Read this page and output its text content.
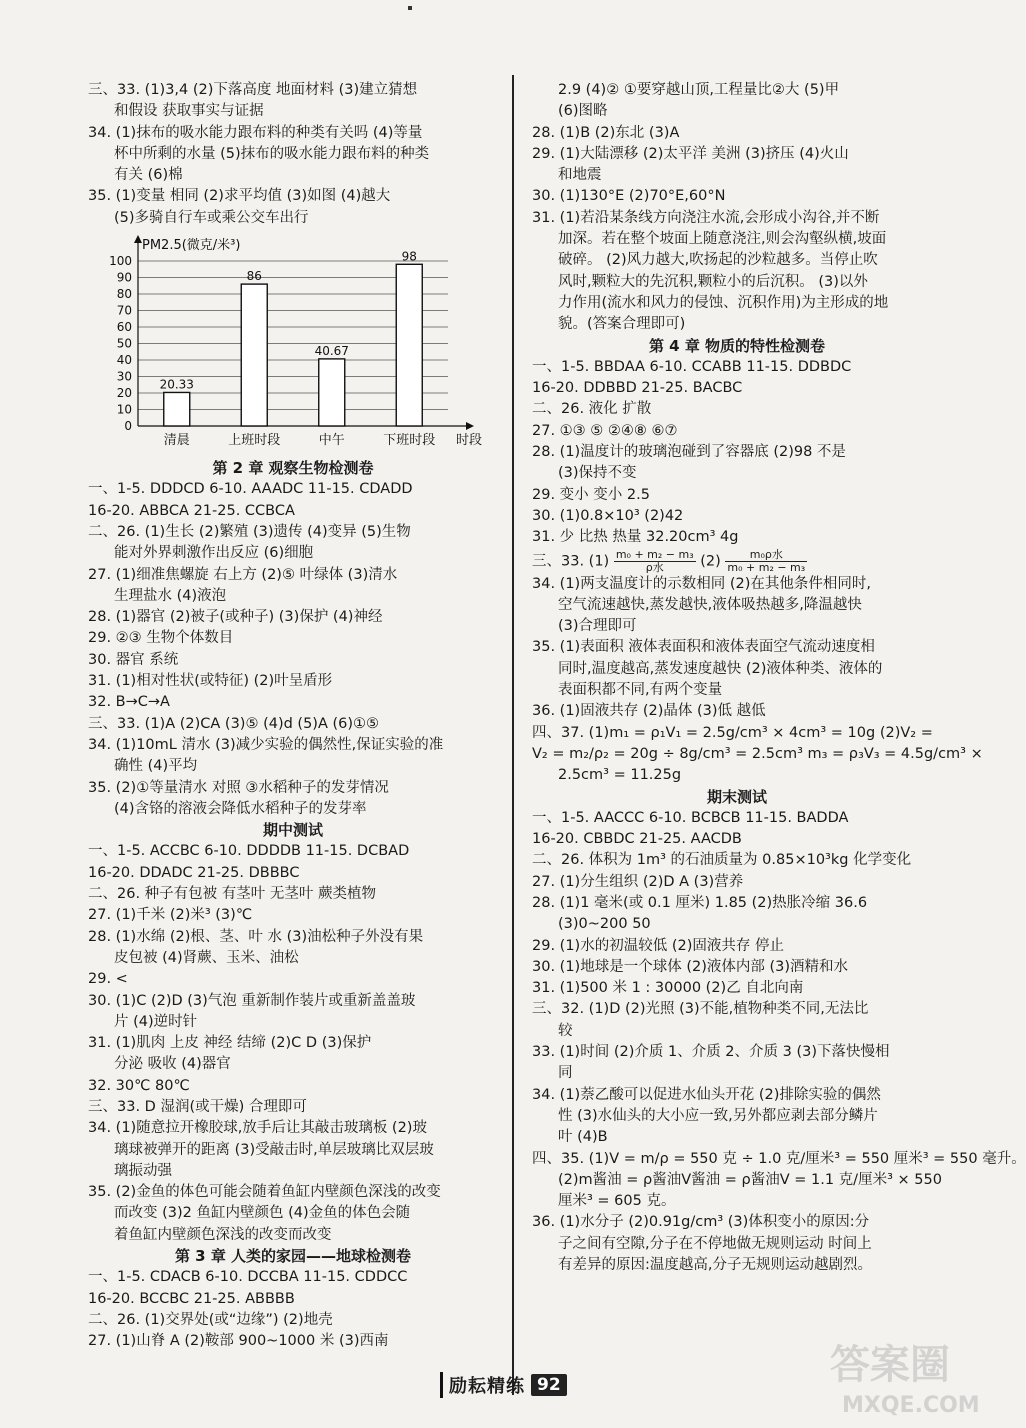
三、33. (1)3,4 (2)下落高度 地面材料 (3)建立猜想
和假设 获取事实与证据
34. (1)抹布的吸水能力跟布料的种类有关吗 (4)等量
杯中所剩的水量 (5)抹布的吸水能力跟布料的种类
有关 (6)棉
35. (1)变量 相同 (2)求平均值 (3)如图 (4)越大
(5)多骑自行车或乘公交车出行
0
10
20
30
40
50
60
70
80
90
100
PM2.5(微克/米³)
时段
20.33
清晨
86
上班时段
40.67
中午
98
下班时段
第 2 章 观察生物检测卷
一、1-5. DDDCD 6-10. AAADC 11-15. CDADD
16-20. ABBCA 21-25. CCBCA
二、26. (1)生长 (2)繁殖 (3)遗传 (4)变异 (5)生物
能对外界刺激作出反应 (6)细胞
27. (1)细准焦螺旋 右上方 (2)⑤ 叶绿体 (3)清水
生理盐水 (4)液泡
28. (1)器官 (2)被子(或种子) (3)保护 (4)神经
29. ②③ 生物个体数目
30. 器官 系统
31. (1)相对性状(或特征) (2)叶呈盾形
32. B→C→A
三、33. (1)A (2)CA (3)⑤ (4)d (5)A (6)①⑤
34. (1)10mL 清水 (3)减少实验的偶然性,保证实验的准
确性 (4)平均
35. (2)①等量清水 对照 ③水稻种子的发芽情况
(4)含铬的溶液会降低水稻种子的发芽率
期中测试
一、1-5. ACCBC 6-10. DDDDB 11-15. DCBAD
16-20. DDADC 21-25. DBBBC
二、26. 种子有包被 有茎叶 无茎叶 蕨类植物
27. (1)千米 (2)米³ (3)℃
28. (1)水绵 (2)根、茎、叶 水 (3)油松种子外没有果
皮包被 (4)肾蕨、玉米、油松
29. <
30. (1)C (2)D (3)气泡 重新制作装片或重新盖盖玻
片 (4)逆时针
31. (1)肌肉 上皮 神经 结缔 (2)C D (3)保护
分泌 吸收 (4)器官
32. 30℃ 80℃
三、33. D 湿润(或干燥) 合理即可
34. (1)随意拉开橡胶球,放手后让其敲击玻璃板 (2)玻
璃球被弹开的距离 (3)受敲击时,单层玻璃比双层玻
璃振动强
35. (2)金鱼的体色可能会随着鱼缸内壁颜色深浅的改变
而改变 (3)2 鱼缸内壁颜色 (4)金鱼的体色会随
着鱼缸内壁颜色深浅的改变而改变
第 3 章 人类的家园——地球检测卷
一、1-5. CDACB 6-10. DCCBA 11-15. CDDCC
16-20. BCCBC 21-25. ABBBB
二、26. (1)交界处(或“边缘”) (2)地壳
27. (1)山脊 A (2)鞍部 900~1000 米 (3)西南
2.9 (4)② ①要穿越山顶,工程量比②大 (5)甲
(6)图略
28. (1)B (2)东北 (3)A
29. (1)大陆漂移 (2)太平洋 美洲 (3)挤压 (4)火山
和地震
30. (1)130°E (2)70°E,60°N
31. (1)若沿某条线方向浇注水流,会形成小沟谷,并不断
加深。若在整个坡面上随意浇注,则会沟壑纵横,坡面
破碎。 (2)风力越大,吹扬起的沙粒越多。当停止吹
风时,颗粒大的先沉积,颗粒小的后沉积。 (3)以外
力作用(流水和风力的侵蚀、沉积作用)为主形成的地
貌。(答案合理即可)
第 4 章 物质的特性检测卷
一、1-5. BBDAA 6-10. CCABB 11-15. DDBDC
16-20. DDBBD 21-25. BACBC
二、26. 液化 扩散
27. ①③ ⑤ ②④⑧ ⑥⑦
28. (1)温度计的玻璃泡碰到了容器底 (2)98 不是
(3)保持不变
29. 变小 变小 2.5
30. (1)0.8×10³ (2)42
31. 少 比热 热量 32.20cm³ 4g
三、33. $(1) \frac{\text{m₀ + m₂ − m₃}}{\text{ρ水}} (2) \frac{\text{m₀ρ水}}{\text{m₀ + m₂ − m₃}}$
34. (1)两支温度计的示数相同 (2)在其他条件相同时,
空气流速越快,蒸发越快,液体吸热越多,降温越快
(3)合理即可
35. (1)表面积 液体表面积和液体表面空气流动速度相
同时,温度越高,蒸发速度越快 (2)液体种类、液体的
表面积都不同,有两个变量
36. (1)固液共存 (2)晶体 (3)低 越低
四、37. (1)m₁ = ρ₁V₁ = 2.5g/cm³ × 4cm³ = 10g (2)V₂ =
V₂ = m₂/ρ₂ = 20g ÷ 8g/cm³ = 2.5cm³ m₃ = ρ₃V₃ = 4.5g/cm³ ×
2.5cm³ = 11.25g
期末测试
一、1-5. AACCC 6-10. BCBCB 11-15. BADDA
16-20. CBBDC 21-25. AACDB
二、26. 体积为 1m³ 的石油质量为 0.85×10³kg 化学变化
27. (1)分生组织 (2)D A (3)营养
28. (1)1 毫米(或 0.1 厘米) 1.85 (2)热胀冷缩 36.6
(3)0~200 50
29. (1)水的初温较低 (2)固液共存 停止
30. (1)地球是一个球体 (2)液体内部 (3)酒精和水
31. (1)500 米 1 : 30000 (2)乙 自北向南
三、32. (1)D (2)光照 (3)不能,植物种类不同,无法比
较
33. (1)时间 (2)介质 1、介质 2、介质 3 (3)下落快慢相
同
34. (1)萘乙酸可以促进水仙头开花 (2)排除实验的偶然
性 (3)水仙头的大小应一致,另外都应剥去部分鳞片
叶 (4)B
四、35. (1)V = m/ρ = 550 克 ÷ 1.0 克/厘米³ = 550 厘米³ = 550 毫升。
(2)m酱油 = ρ酱油V酱油 = ρ酱油V = 1.1 克/厘米³ × 550
厘米³ = 605 克。
36. (1)水分子 (2)0.91g/cm³ (3)体积变小的原因:分
子之间有空隙,分子在不停地做无规则运动 时间上
有差异的原因:温度越高,分子无规则运动越剧烈。
励耘精练 92	答案圈
MXQE.COM
